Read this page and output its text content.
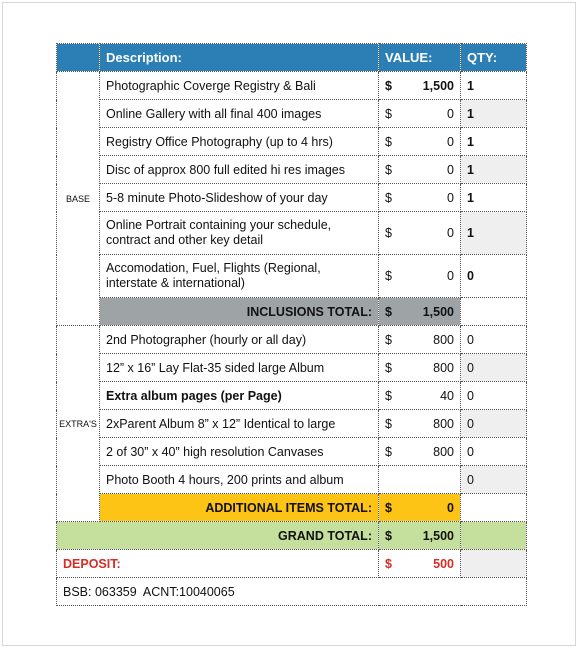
	Description:	VALUE:	QTY:
BASE	Photographic Coverge Registry & Bali	$ 1,500	1
	Online Gallery with all final 400 images	$ 0	1
	Registry Office Photography (up to 4 hrs)	$ 0	1
	Disc of approx 800 full edited hi res images	$ 0	1
	5-8 minute Photo-Slideshow of your day	$ 0	1
	Online Portrait containing your schedule, contract and other key detail	$ 0	1
	Accomodation, Fuel, Flights (Regional, interstate & international)	$ 0	0
	INCLUSIONS TOTAL:	$ 1,500	

EXTRA'S	2nd Photographer (hourly or all day)	$ 800	0
	12” x 16” Lay Flat-35 sided large Album	$ 800	0
	Extra album pages (per Page)	$ 40	0
	2xParent Album 8” x 12” Identical to large	$ 800	0
	2 of 30” x 40” high resolution Canvases	$ 800	0
	Photo Booth 4 hours, 200 prints and album		0
	ADDITIONAL ITEMS TOTAL:	$ 0	

GRAND TOTAL:		$ 1,500	

DEPOSIT:		$ 500	

BSB: 063359  ACNT:10040065			
